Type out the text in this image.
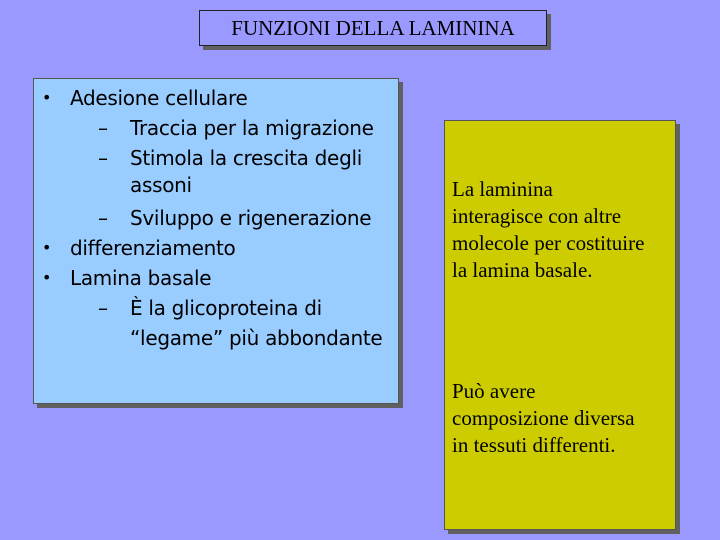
FUNZIONI DELLA LAMININA
• Adesione cellulare
– Traccia per la migrazione
– Stimola la crescita degli
assoni
– Sviluppo e rigenerazione
• differenziamento
• Lamina basale
– È la glicoproteina di
“legame” più abbondante
La laminina
interagisce con altre
molecole per costituire
la lamina basale.
Può avere
composizione diversa
in tessuti differenti.
